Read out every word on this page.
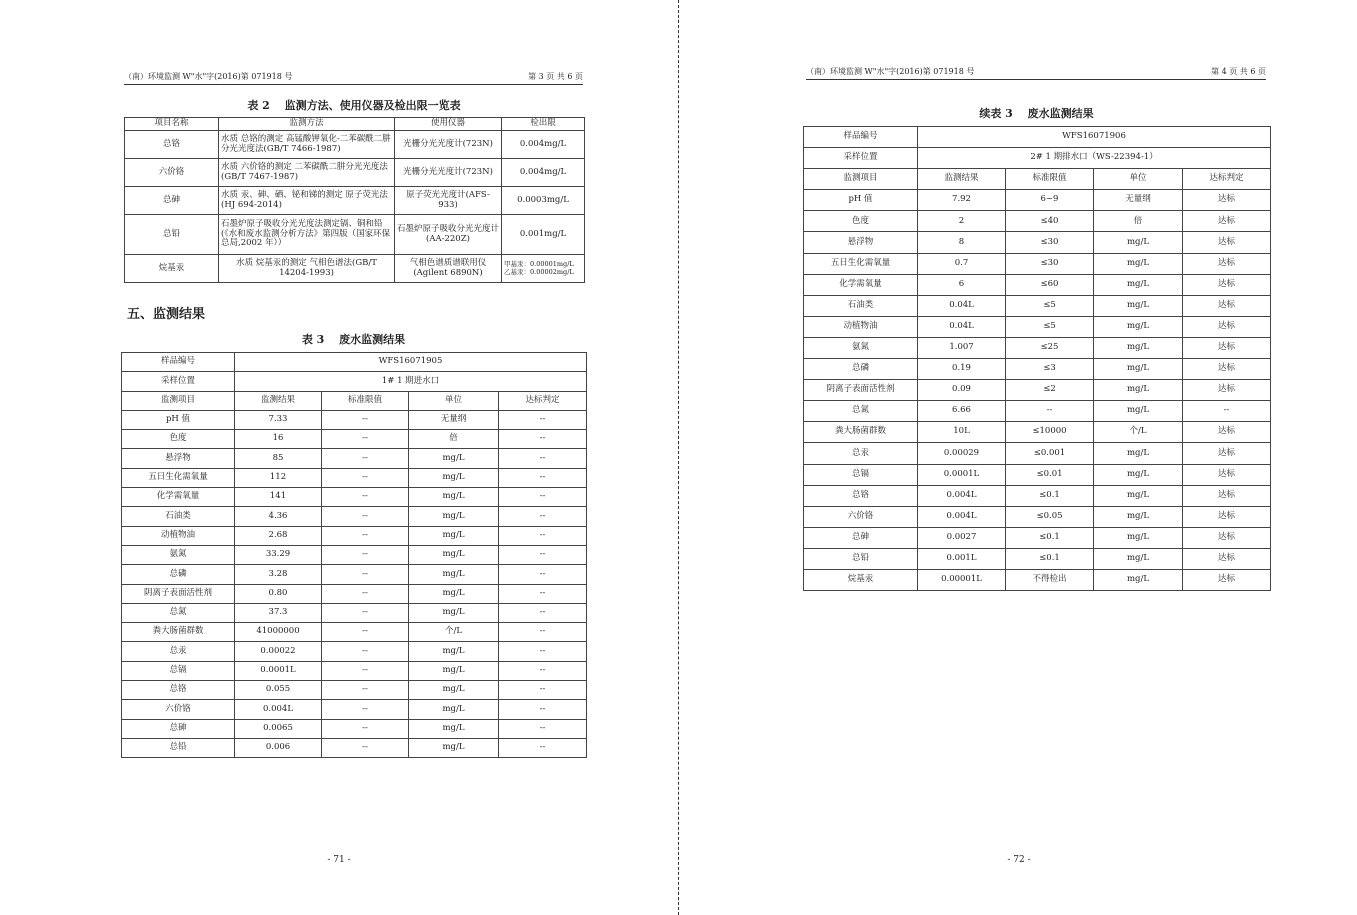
（南）环境监测 W"水"字(2016)第 071918 号	第 3 页 共 6 页
表 2　 监测方法、使用仪器及检出限一览表
项目名称	监测方法	使用仪器	检出限
总铬	水质 总铬的测定 高锰酸钾氧化-二苯碳酰二肼分光光度法(GB/T 7466-1987)	光栅分光光度计(723N)	0.004mg/L
六价铬	水质 六价铬的测定 二苯碳酰二肼分光光度法(GB/T 7467-1987)	光栅分光光度计(723N)	0.004mg/L
总砷	水质 汞、砷、硒、铋和锑的测定 原子荧光法(HJ 694-2014)	原子荧光光度计(AFS-933)	0.0003mg/L
总铅	石墨炉原子吸收分光光度法测定镉、铜和铅(《水和废水监测分析方法》第四版（国家环保总局,2002 年））	石墨炉原子吸收分光光度计(AA-220Z)	0.001mg/L
烷基汞	水质 烷基汞的测定 气相色谱法(GB/T 14204-1993)	气相色谱质谱联用仪(Agilent 6890N)	甲基汞：0.00001mg/L
乙基汞：0.00002mg/L
五、监测结果
表 3　 废水监测结果
样品编号	WFS16071905			
采样位置	1# 1 期进水口			
监测项目	监测结果	标准限值	单位	达标判定
pH 值	7.33	--	无量纲	--
色度	16	--	倍	--
悬浮物	85	--	mg/L	--
五日生化需氧量	112	--	mg/L	--
化学需氧量	141	--	mg/L	--
石油类	4.36	--	mg/L	--
动植物油	2.68	--	mg/L	--
氨氮	33.29	--	mg/L	--
总磷	3.28	--	mg/L	--
阴离子表面活性剂	0.80	--	mg/L	--
总氮	37.3	--	mg/L	--
粪大肠菌群数	41000000	--	个/L	--
总汞	0.00022	--	mg/L	--
总镉	0.0001L	--	mg/L	--
总铬	0.055	--	mg/L	--
六价铬	0.004L	--	mg/L	--
总砷	0.0065	--	mg/L	--
总铅	0.006	--	mg/L	--
- 71 -
（南）环境监测 W"水"字(2016)第 071918 号	第 4 页 共 6 页
续表 3　 废水监测结果
- 72 -
样品编号	WFS16071906			
采样位置	2# 1 期排水口（WS-22394-1）			
监测项目	监测结果	标准限值	单位	达标判定
pH 值	7.92	6~9	无量纲	达标
色度	2	≤40	倍	达标
悬浮物	8	≤30	mg/L	达标
五日生化需氧量	0.7	≤30	mg/L	达标
化学需氧量	6	≤60	mg/L	达标
石油类	0.04L	≤5	mg/L	达标
动植物油	0.04L	≤5	mg/L	达标
氨氮	1.007	≤25	mg/L	达标
总磷	0.19	≤3	mg/L	达标
阴离子表面活性剂	0.09	≤2	mg/L	达标
总氮	6.66	--	mg/L	--
粪大肠菌群数	10L	≤10000	个/L	达标
总汞	0.00029	≤0.001	mg/L	达标
总镉	0.0001L	≤0.01	mg/L	达标
总铬	0.004L	≤0.1	mg/L	达标
六价铬	0.004L	≤0.05	mg/L	达标
总砷	0.0027	≤0.1	mg/L	达标
总铅	0.001L	≤0.1	mg/L	达标
烷基汞	0.00001L	不得检出	mg/L	达标
